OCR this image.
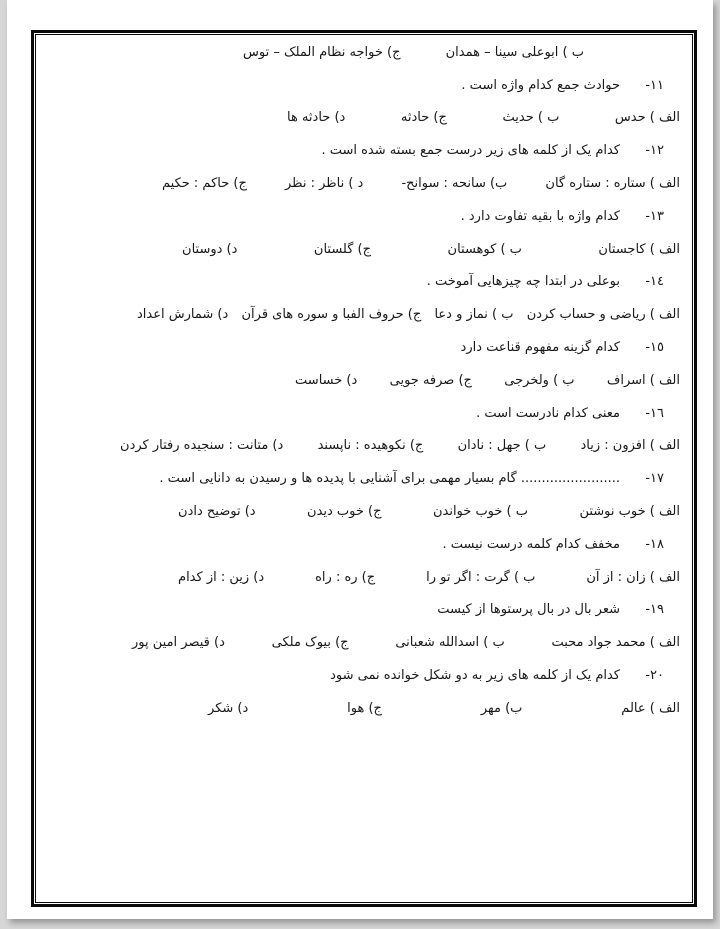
ب ) ابوعلی سینا – همدان
ج) خواجه نظام الملک – توس
۱۱-
حوادث جمع کدام واژه است .
الف ) حدس
ب ) حدیث
ج) حادثه
د) حادثه ها
۱۲-
کدام یک از کلمه های زیر درست جمع بسته شده است .
الف ) ستاره : ستاره گان
ب) سانحه : سوانح-
د ) ناظر : نظر
ج) حاکم : حکیم
۱۳-
کدام واژه با بقیه تفاوت دارد .
الف ) کاجستان
ب ) کوهستان
ج) گلستان
د) دوستان
۱٤-
بوعلی در ابتدا چه چیزهایی آموخت .
الف ) ریاضی و حساب کردن
ب ) نماز و دعا
ج) حروف الفبا و سوره های قرآن
د) شمارش اعداد
۱٥-
کدام گزینه مفهوم قناعت دارد
الف ) اسراف
ب ) ولخرجی
ج) صرفه جویی
د) خساست
۱٦-
معنی کدام نادرست است .
الف ) افزون : زیاد
ب ) جهل : نادان
ج) نکوهیده : ناپسند
د) متانت : سنجیده رفتار کردن
۱۷-
........................ گام بسیار مهمی برای آشنایی با پدیده ها و رسیدن به دانایی است .
الف ) خوب نوشتن
ب ) خوب خواندن
ج) خوب دیدن
د) توضیح دادن
۱۸-
مخفف کدام کلمه درست نیست .
الف ) زان : از آن
ب ) گرت : اگر تو را
ج) ره : راه
د) زین : از کدام
۱۹-
شعر بال در بال پرستوها از کیست
الف ) محمد جواد محبت
ب ) اسدالله شعبانی
ج) بیوک ملکی
د) قیصر امین پور
۲۰-
کدام یک از کلمه های زیر به دو شکل خوانده نمی شود
الف ) عالم
ب) مهر
ج) هوا
د) شکر
